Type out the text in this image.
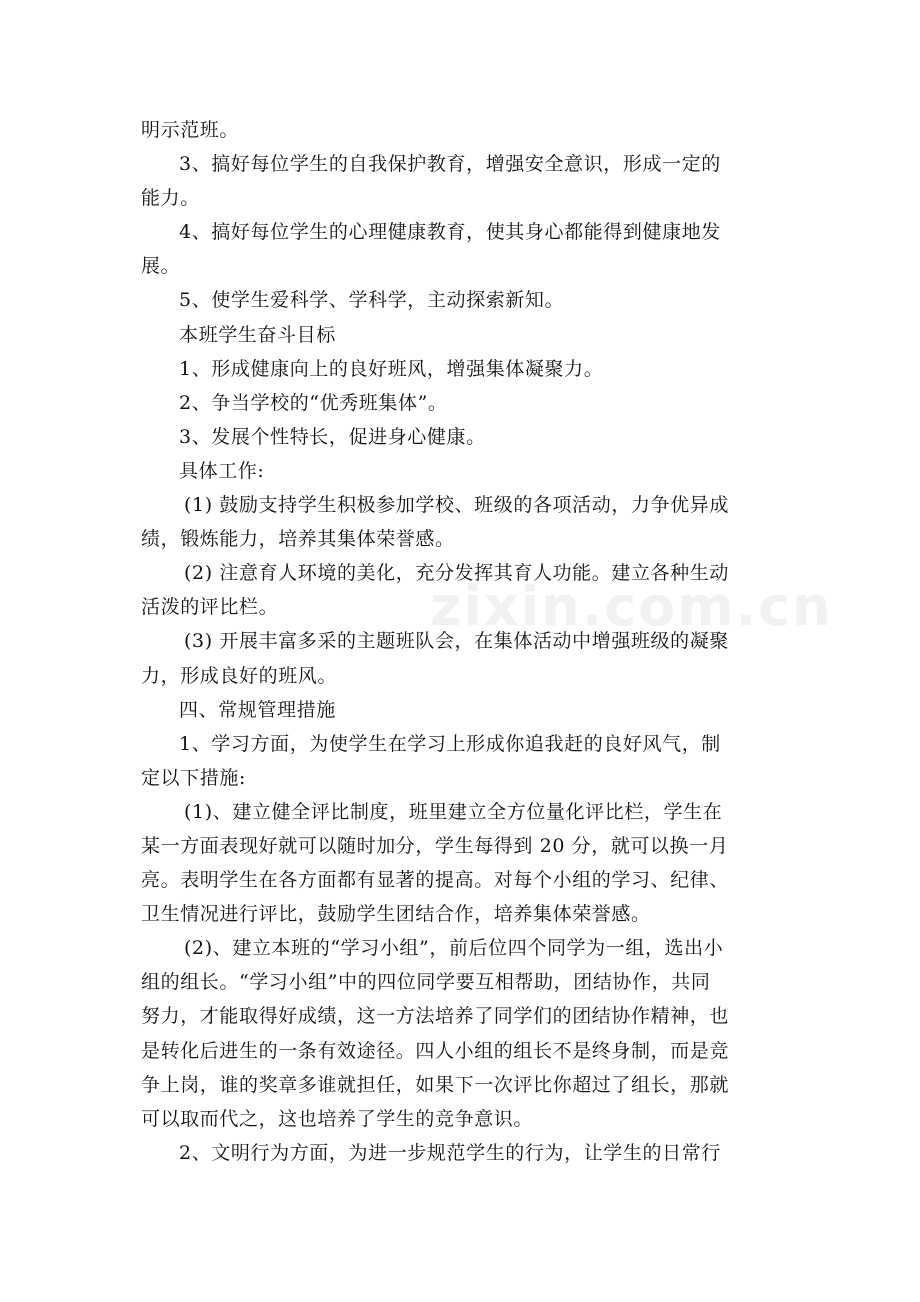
明示范班。
3、搞好每位学生的自我保护教育，增强安全意识，形成一定的
能力。
4、搞好每位学生的心理健康教育，使其身心都能得到健康地发
展。
5、使学生爱科学、学科学，主动探索新知。
本班学生奋斗目标
1、形成健康向上的良好班风，增强集体凝聚力。
2、争当学校的“优秀班集体”。
3、发展个性特长，促进身心健康。
具体工作:
(1) 鼓励支持学生积极参加学校、班级的各项活动，力争优异成
绩，锻炼能力，培养其集体荣誉感。
(2) 注意育人环境的美化，充分发挥其育人功能。建立各种生动
活泼的评比栏。
(3) 开展丰富多采的主题班队会，在集体活动中增强班级的凝聚
力，形成良好的班风。
四、常规管理措施
1、学习方面，为使学生在学习上形成你追我赶的良好风气，制
定以下措施:
(1)、建立健全评比制度，班里建立全方位量化评比栏，学生在
某一方面表现好就可以随时加分，学生每得到 20 分，就可以换一月
亮。表明学生在各方面都有显著的提高。对每个小组的学习、纪律、
卫生情况进行评比，鼓励学生团结合作，培养集体荣誉感。
(2)、建立本班的“学习小组”，前后位四个同学为一组，选出小
组的组长。“学习小组”中的四位同学要互相帮助，团结协作，共同
努力，才能取得好成绩，这一方法培养了同学们的团结协作精神，也
是转化后进生的一条有效途径。四人小组的组长不是终身制，而是竞
争上岗，谁的奖章多谁就担任，如果下一次评比你超过了组长，那就
可以取而代之，这也培养了学生的竞争意识。
2、文明行为方面，为进一步规范学生的行为，让学生的日常行
zixin.com.cn
